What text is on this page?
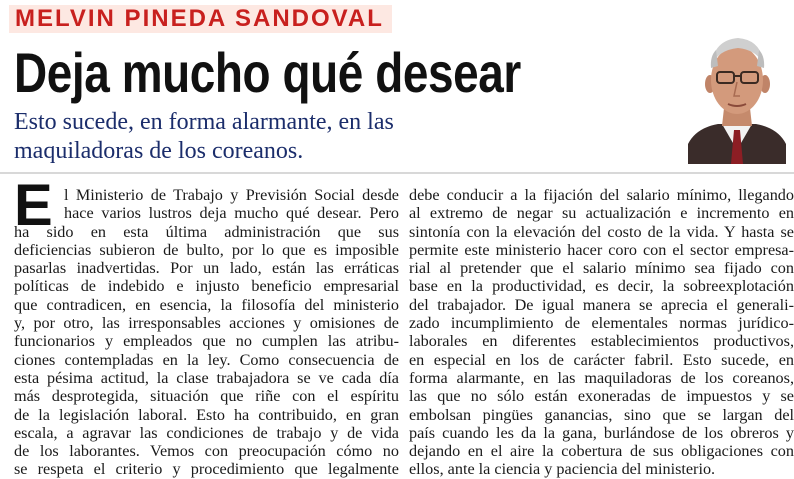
MELVIN PINEDA SANDOVAL
Deja mucho qué desear
Esto sucede, en forma alarmante, en las
maquiladoras de los coreanos.
E l Ministerio de Trabajo y Previsión Social desde
hace varios lustros deja mucho qué desear. Pero
ha sido en esta última administración que sus
deficiencias subieron de bulto, por lo que es imposible
pasarlas inadvertidas. Por un lado, están las erráticas
políticas de indebido e injusto beneficio empresarial
que contradicen, en esencia, la filosofía del ministerio
y, por otro, las irresponsables acciones y omisiones de
funcionarios y empleados que no cumplen las atribu-
ciones contempladas en la ley. Como consecuencia de
esta pésima actitud, la clase trabajadora se ve cada día
más desprotegida, situación que riñe con el espíritu
de la legislación laboral. Esto ha contribuido, en gran
escala, a agravar las condiciones de trabajo y de vida
de los laborantes. Vemos con preocupación cómo no
se respeta el criterio y procedimiento que legalmente
debe conducir a la fijación del salario mínimo, llegando
al extremo de negar su actualización e incremento en
sintonía con la elevación del costo de la vida. Y hasta se
permite este ministerio hacer coro con el sector empresa-
rial al pretender que el salario mínimo sea fijado con
base en la productividad, es decir, la sobreexplotación
del trabajador. De igual manera se aprecia el generali-
zado incumplimiento de elementales normas jurídico-
laborales en diferentes establecimientos productivos,
en especial en los de carácter fabril. Esto sucede, en
forma alarmante, en las maquiladoras de los coreanos,
las que no sólo están exoneradas de impuestos y se
embolsan pingües ganancias, sino que se largan del
país cuando les da la gana, burlándose de los obreros y
dejando en el aire la cobertura de sus obligaciones con
ellos, ante la ciencia y paciencia del ministerio.
